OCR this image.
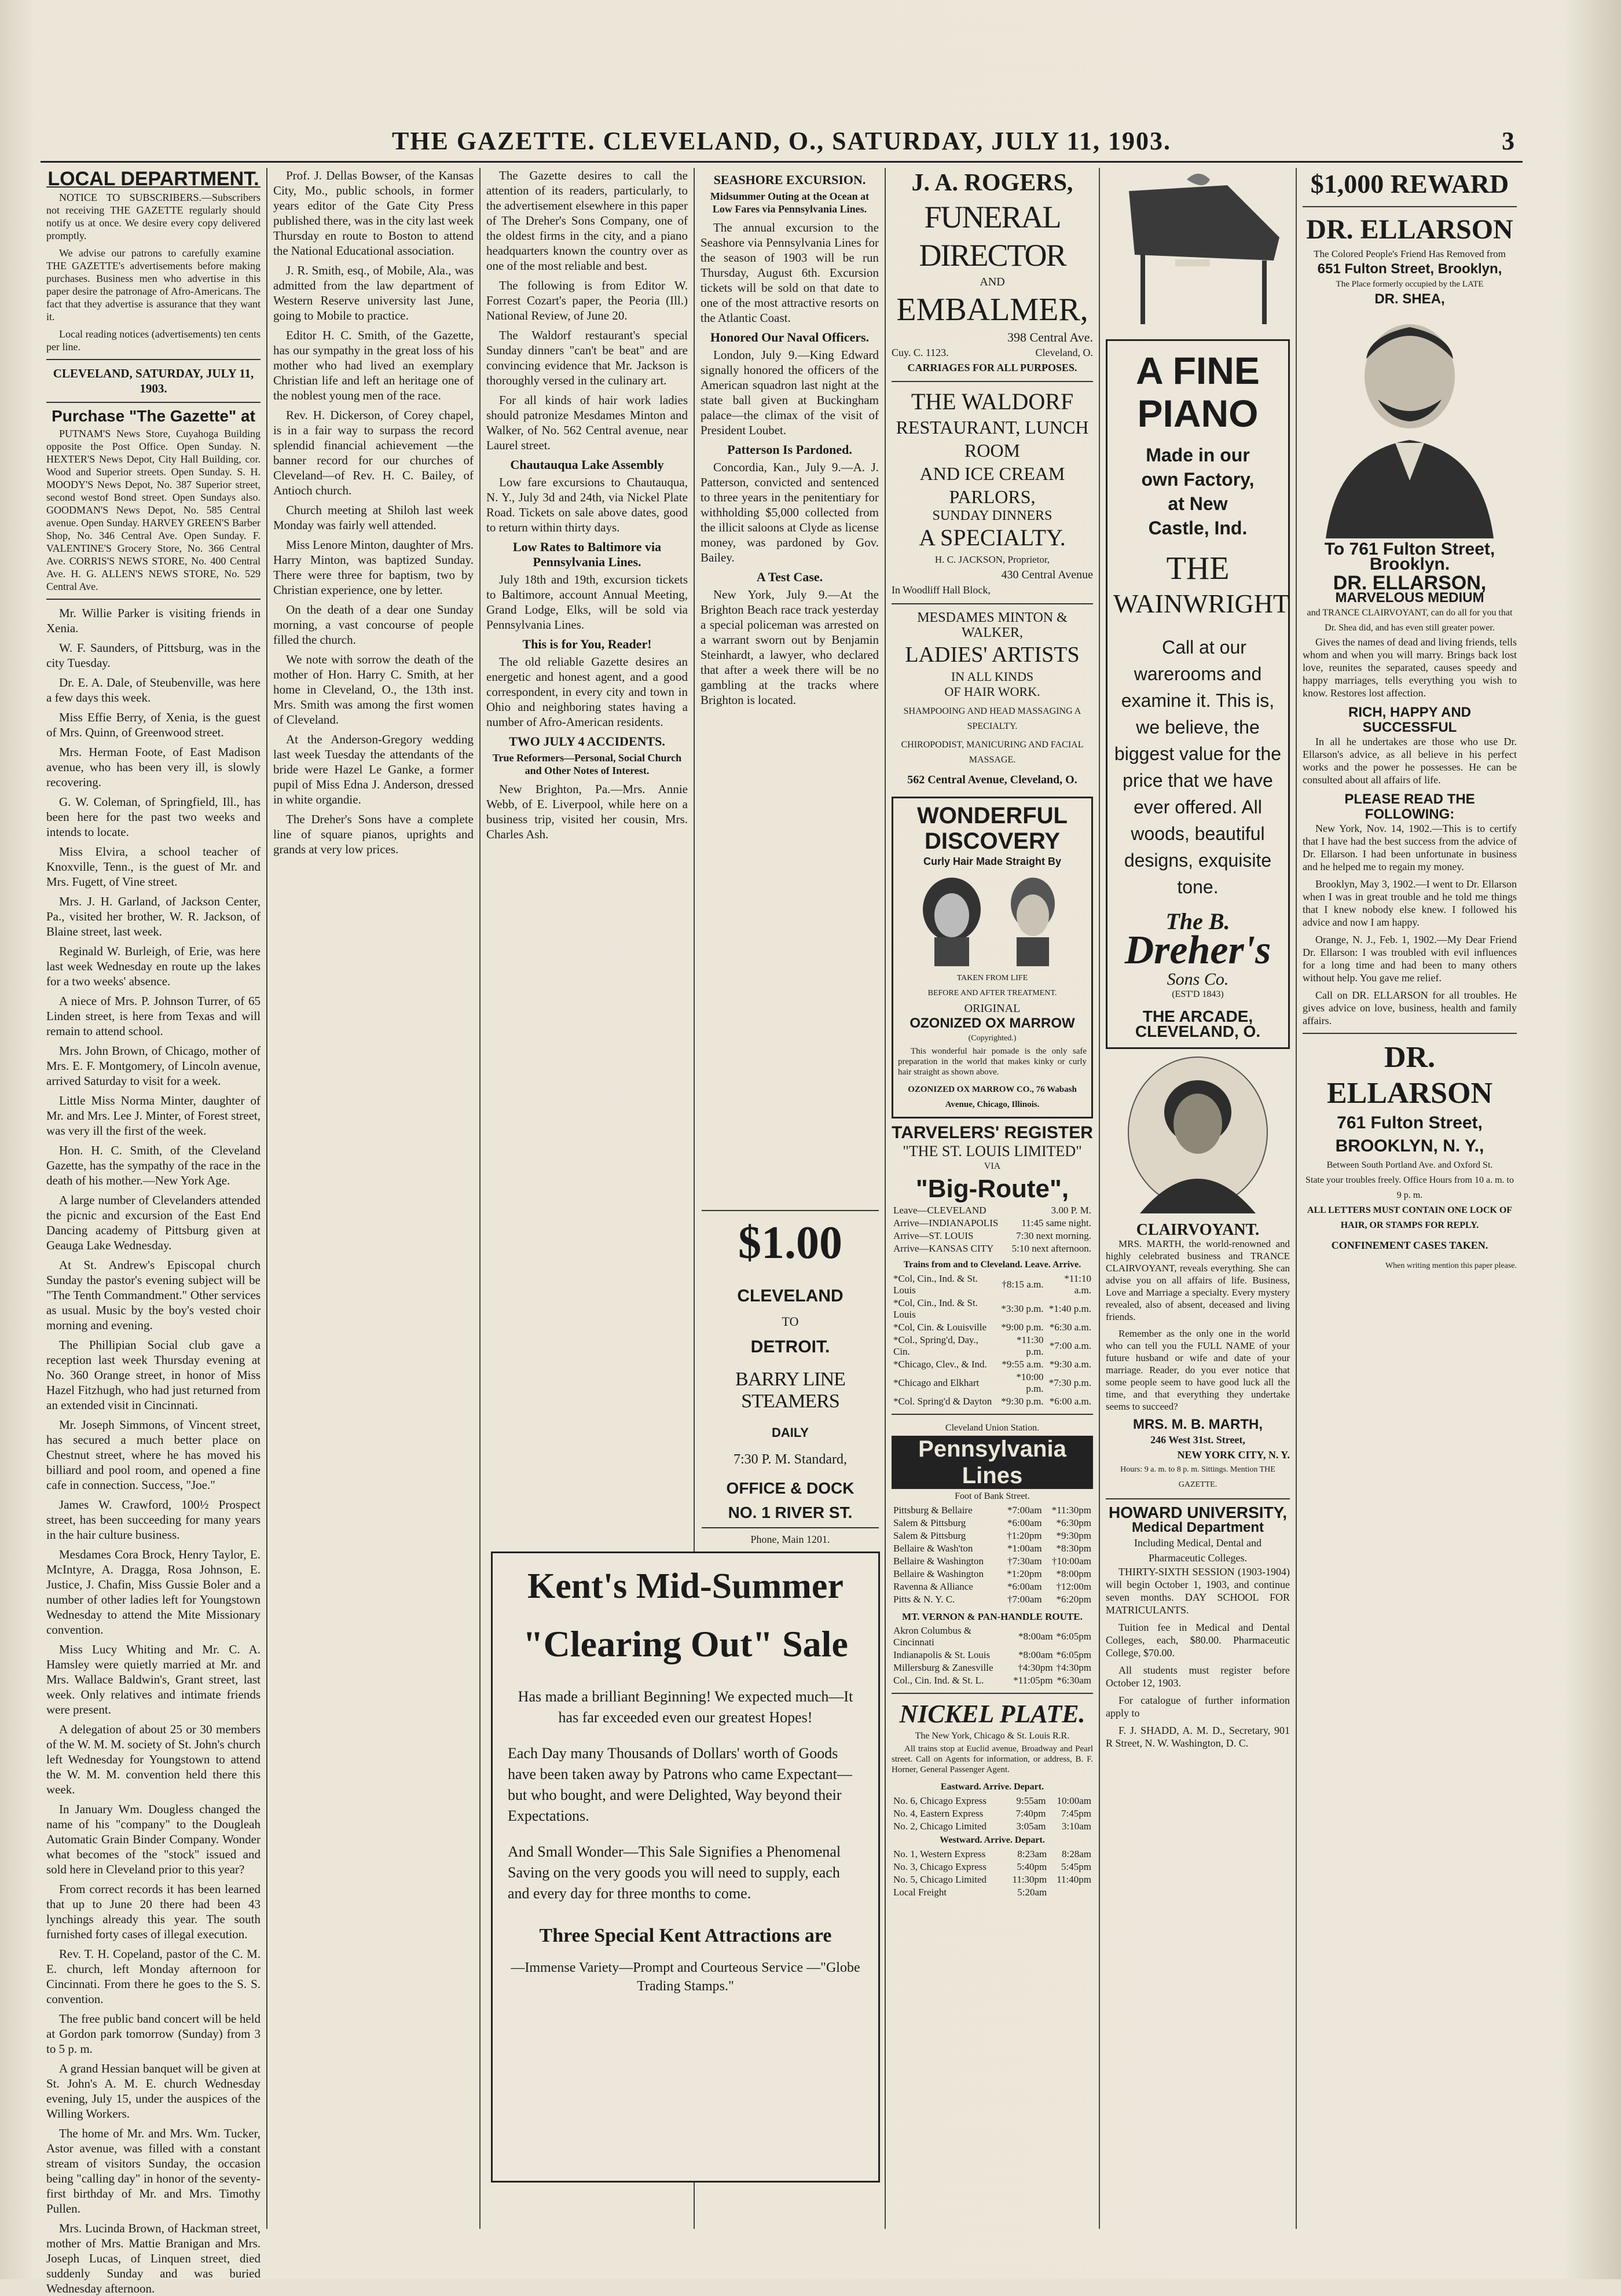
THE GAZETTE. CLEVELAND, O., SATURDAY, JULY 11, 1903.	3
LOCAL DEPARTMENT.

NOTICE TO SUBSCRIBERS.—Subscribers not receiving THE GAZETTE regularly should notify us at once. We desire every copy delivered promptly.

We advise our patrons to carefully examine THE GAZETTE's advertisements before making purchases. Business men who advertise in this paper desire the patronage of Afro-Americans. The fact that they advertise is assurance that they want it.

Local reading notices (advertisements) ten cents per line.

CLEVELAND, SATURDAY, JULY 11, 1903.

Purchase "The Gazette" at

PUTNAM'S News Store, Cuyahoga Building opposite the Post Office. Open Sunday. N. HEXTER'S News Depot, City Hall Building, cor. Wood and Superior streets. Open Sunday. S. H. MOODY'S News Depot, No. 387 Superior street, second westof Bond street. Open Sundays also. GOODMAN'S News Depot, No. 585 Central avenue. Open Sunday. HARVEY GREEN'S Barber Shop, No. 346 Central Ave. Open Sunday. F. VALENTINE'S Grocery Store, No. 366 Central Ave. CORRIS'S NEWS STORE, No. 400 Central Ave. H. G. ALLEN'S NEWS STORE, No. 529 Central Ave.

Mr. Willie Parker is visiting friends in Xenia.

W. F. Saunders, of Pittsburg, was in the city Tuesday.

Dr. E. A. Dale, of Steubenville, was here a few days this week.

Miss Effie Berry, of Xenia, is the guest of Mrs. Quinn, of Greenwood street.

Mrs. Herman Foote, of East Madison avenue, who has been very ill, is slowly recovering.

G. W. Coleman, of Springfield, Ill., has been here for the past two weeks and intends to locate.

Miss Elvira, a school teacher of Knoxville, Tenn., is the guest of Mr. and Mrs. Fugett, of Vine street.

Mrs. J. H. Garland, of Jackson Center, Pa., visited her brother, W. R. Jackson, of Blaine street, last week.

Reginald W. Burleigh, of Erie, was here last week Wednesday en route up the lakes for a two weeks' absence.

A niece of Mrs. P. Johnson Turrer, of 65 Linden street, is here from Texas and will remain to attend school.

Mrs. John Brown, of Chicago, mother of Mrs. E. F. Montgomery, of Lincoln avenue, arrived Saturday to visit for a week.

Little Miss Norma Minter, daughter of Mr. and Mrs. Lee J. Minter, of Forest street, was very ill the first of the week.

Hon. H. C. Smith, of the Cleveland Gazette, has the sympathy of the race in the death of his mother.—New York Age.

A large number of Clevelanders attended the picnic and excursion of the East End Dancing academy of Pittsburg given at Geauga Lake Wednesday.

At St. Andrew's Episcopal church Sunday the pastor's evening subject will be "The Tenth Commandment." Other services as usual. Music by the boy's vested choir morning and evening.

The Phillipian Social club gave a reception last week Thursday evening at No. 360 Orange street, in honor of Miss Hazel Fitzhugh, who had just returned from an extended visit in Cincinnati.

Mr. Joseph Simmons, of Vincent street, has secured a much better place on Chestnut street, where he has moved his billiard and pool room, and opened a fine cafe in connection. Success, "Joe."

James W. Crawford, 100½ Prospect street, has been succeeding for many years in the hair culture business.

Mesdames Cora Brock, Henry Taylor, E. McIntyre, A. Dragga, Rosa Johnson, E. Justice, J. Chafin, Miss Gussie Boler and a number of other ladies left for Youngstown Wednesday to attend the Mite Missionary convention.

Miss Lucy Whiting and Mr. C. A. Hamsley were quietly married at Mr. and Mrs. Wallace Baldwin's, Grant street, last week. Only relatives and intimate friends were present.

A delegation of about 25 or 30 members of the W. M. M. society of St. John's church left Wednesday for Youngstown to attend the W. M. M. convention held there this week.

In January Wm. Dougless changed the name of his "company" to the Dougleah Automatic Grain Binder Company. Wonder what becomes of the "stock" issued and sold here in Cleveland prior to this year?

From correct records it has been learned that up to June 20 there had been 43 lynchings already this year. The south furnished forty cases of illegal execution.

Rev. T. H. Copeland, pastor of the C. M. E. church, left Monday afternoon for Cincinnati. From there he goes to the S. S. convention.

The free public band concert will be held at Gordon park tomorrow (Sunday) from 3 to 5 p. m.

A grand Hessian banquet will be given at St. John's A. M. E. church Wednesday evening, July 15, under the auspices of the Willing Workers.

The home of Mr. and Mrs. Wm. Tucker, Astor avenue, was filled with a constant stream of visitors Sunday, the occasion being "calling day" in honor of the seventy-first birthday of Mr. and Mrs. Timothy Pullen.

Mrs. Lucinda Brown, of Hackman street, mother of Mrs. Mattie Branigan and Mrs. Joseph Lucas, of Linquen street, died suddenly Sunday and was buried Wednesday afternoon.

Prof. J. Dellas Bowser, of the Kansas City, Mo., public schools, in former years editor of the Gate City Press published there, was in the city last week Thursday en route to Boston to attend the National Educational association.

J. R. Smith, esq., of Mobile, Ala., was admitted from the law department of Western Reserve university last June, going to Mobile to practice.

Editor H. C. Smith, of the Gazette, has our sympathy in the great loss of his mother who had lived an exemplary Christian life and left an heritage one of the noblest young men of the race.

Rev. H. Dickerson, of Corey chapel, is in a fair way to surpass the record splendid financial achievement —the banner record for our churches of Cleveland—of Rev. H. C. Bailey, of Antioch church.

Church meeting at Shiloh last week Monday was fairly well attended.

Miss Lenore Minton, daughter of Mrs. Harry Minton, was baptized Sunday. There were three for baptism, two by Christian experience, one by letter.

On the death of a dear one Sunday morning, a vast concourse of people filled the church.

We note with sorrow the death of the mother of Hon. Harry C. Smith, at her home in Cleveland, O., the 13th inst. Mrs. Smith was among the first women of Cleveland.

At the Anderson-Gregory wedding last week Tuesday the attendants of the bride were Hazel Le Ganke, a former pupil of Miss Edna J. Anderson, dressed in white organdie.

The Dreher's Sons have a complete line of square pianos, uprights and grands at very low prices.

The Gazette desires to call the attention of its readers, particularly, to the advertisement elsewhere in this paper of The Dreher's Sons Company, one of the oldest firms in the city, and a piano headquarters known the country over as one of the most reliable and best.

The following is from Editor W. Forrest Cozart's paper, the Peoria (Ill.) National Review, of June 20.

The Waldorf restaurant's special Sunday dinners "can't be beat" and are convincing evidence that Mr. Jackson is thoroughly versed in the culinary art.

For all kinds of hair work ladies should patronize Mesdames Minton and Walker, of No. 562 Central avenue, near Laurel street.

Chautauqua Lake Assembly

Low fare excursions to Chautauqua, N. Y., July 3d and 24th, via Nickel Plate Road. Tickets on sale above dates, good to return within thirty days.

Low Rates to Baltimore via Pennsylvania Lines.

July 18th and 19th, excursion tickets to Baltimore, account Annual Meeting, Grand Lodge, Elks, will be sold via Pennsylvania Lines.

This is for You, Reader!

The old reliable Gazette desires an energetic and honest agent, and a good correspondent, in every city and town in Ohio and neighboring states having a number of Afro-American residents.

TWO JULY 4 ACCIDENTS.

True Reformers—Personal, Social Church and Other Notes of Interest.

New Brighton, Pa.—Mrs. Annie Webb, of E. Liverpool, while here on a business trip, visited her cousin, Mrs. Charles Ash.

SEASHORE EXCURSION.

Midsummer Outing at the Ocean at Low Fares via Pennsylvania Lines.

The annual excursion to the Seashore via Pennsylvania Lines for the season of 1903 will be run Thursday, August 6th. Excursion tickets will be sold on that date to one of the most attractive resorts on the Atlantic Coast.

Honored Our Naval Officers.

London, July 9.—King Edward signally honored the officers of the American squadron last night at the state ball given at Buckingham palace—the climax of the visit of President Loubet.

Patterson Is Pardoned.

Concordia, Kan., July 9.—A. J. Patterson, convicted and sentenced to three years in the penitentiary for withholding $5,000 collected from the illicit saloons at Clyde as license money, was pardoned by Gov. Bailey.

A Test Case.

New York, July 9.—At the Brighton Beach race track yesterday a special policeman was arrested on a warrant sworn out by Benjamin Steinhardt, a lawyer, who declared that after a week there will be no gambling at the tracks where Brighton is located.

$1.00
CLEVELAND
TO
DETROIT.
BARRY LINE STEAMERS
DAILY
7:30 P. M. Standard,
OFFICE & DOCK
NO. 1 RIVER ST.
Phone, Main 1201.
Kent's Mid-Summer
"Clearing Out" Sale

Has made a brilliant Beginning! We expected much—It has far exceeded even our greatest Hopes!

Each Day many Thousands of Dollars' worth of Goods have been taken away by Patrons who came Expectant—but who bought, and were Delighted, Way beyond their Expectations.

And Small Wonder—This Sale Signifies a Phenomenal Saving on the very goods you will need to supply, each and every day for three months to come.

Three Special Kent Attractions are

—Immense Variety—Prompt and Courteous Service —"Globe Trading Stamps."

J. A. ROGERS,
FUNERAL DIRECTOR
AND
EMBALMER,
398 Central Ave.
Cuy. C. 1123.	Cleveland, O.
CARRIAGES FOR ALL PURPOSES.
THE WALDORF
RESTAURANT, LUNCH ROOM
AND ICE CREAM PARLORS,
SUNDAY DINNERS
A SPECIALTY.
H. C. JACKSON, Proprietor,
430 Central Avenue
In Woodliff Hall Block,
MESDAMES MINTON & WALKER,
LADIES' ARTISTS
IN ALL KINDS
OF HAIR WORK.
SHAMPOOING AND HEAD MASSAGING A SPECIALTY.
CHIROPODIST, MANICURING AND FACIAL MASSAGE.
562 Central Avenue, Cleveland, O.
WONDERFUL
DISCOVERY
Curly Hair Made Straight By
TAKEN FROM LIFE
BEFORE AND AFTER TREATMENT.
ORIGINAL
OZONIZED OX MARROW
(Copyrighted.)

This wonderful hair pomade is the only safe preparation in the world that makes kinky or curly hair straight as shown above.

OZONIZED OX MARROW CO., 76 Wabash Avenue, Chicago, Illinois.
TARVELERS' REGISTER
"THE ST. LOUIS LIMITED"
VIA
"Big-Route",
Leave—CLEVELAND	3.00 P. M.
Arrive—INDIANAPOLIS	11:45 same night.
Arrive—ST. LOUIS	7:30 next morning.
Arrive—KANSAS CITY	5:10 next afternoon.
Trains from and to Cleveland. Leave. Arrive.
*Col, Cin., Ind. & St. Louis	†8:15 a.m.	*11:10 a.m.
*Col, Cin., Ind. & St. Louis	*3:30 p.m.	*1:40 p.m.
*Col, Cin. & Louisville	*9:00 p.m.	*6:30 a.m.
*Col., Spring'd, Day., Cin.	*11:30 p.m.	*7:00 a.m.
*Chicago, Clev., & Ind.	*9:55 a.m.	*9:30 a.m.
*Chicago and Elkhart	*10:00 p.m.	*7:30 p.m.
*Col. Spring'd & Dayton	*9:30 p.m.	*6:00 a.m.
Cleveland Union Station.
Pennsylvania Lines
Foot of Bank Street.
Pittsburg & Bellaire	*7:00am	*11:30pm
Salem & Pittsburg	*6:00am	*6:30pm
Salem & Pittsburg	†1:20pm	*9:30pm
Bellaire & Wash'ton	*1:00am	*8:30pm
Bellaire & Washington	†7:30am	†10:00am
Bellaire & Washington	*1:20pm	*8:00pm
Ravenna & Alliance	*6:00am	†12:00m
Pitts & N. Y. C.	†7:00am	*6:20pm
MT. VERNON & PAN-HANDLE ROUTE.
Akron Columbus & Cincinnati	*8:00am	*6:05pm
Indianapolis & St. Louis	*8:00am	*6:05pm
Millersburg & Zanesville	†4:30pm	†4:30pm
Col., Cin. Ind. & St. L.	*11:05pm	*6:30am
NICKEL PLATE.
The New York, Chicago & St. Louis R.R.

All trains stop at Euclid avenue, Broadway and Pearl street. Call on Agents for information, or address, B. F. Horner, General Passenger Agent.

Eastward. Arrive. Depart.
No. 6, Chicago Express	9:55am	10:00am
No. 4, Eastern Express	7:40pm	7:45pm
No. 2, Chicago Limited	3:05am	3:10am
Westward. Arrive. Depart.
No. 1, Western Express	8:23am	8:28am
No. 3, Chicago Express	5:40pm	5:45pm
No. 5, Chicago Limited	11:30pm	11:40pm
Local Freight	5:20am	
A FINE
PIANO
Made in our
own Factory,
at New
Castle, Ind.
THE
WAINWRIGHT

Call at our warerooms and examine it. This is, we believe, the biggest value for the price that we have ever offered. All woods, beautiful designs, exquisite tone.

The B.
Dreher's
Sons Co.
(EST'D 1843)
THE ARCADE,
CLEVELAND, O.
CLAIRVOYANT.

MRS. MARTH, the world-renowned and highly celebrated business and TRANCE CLAIRVOYANT, reveals everything. She can advise you on all affairs of life. Business, Love and Marriage a specialty. Every mystery revealed, also of absent, deceased and living friends.

Remember as the only one in the world who can tell you the FULL NAME of your future husband or wife and date of your marriage. Reader, do you ever notice that some people seem to have good luck all the time, and that everything they undertake seems to succeed?

MRS. M. B. MARTH,
246 West 31st. Street,
NEW YORK CITY, N. Y.
Hours: 9 a. m. to 8 p. m. Sittings. Mention THE GAZETTE.
HOWARD UNIVERSITY,
Medical Department
Including Medical, Dental and Pharmaceutic Colleges.

THIRTY-SIXTH SESSION (1903-1904) will begin October 1, 1903, and continue seven months. DAY SCHOOL FOR MATRICULANTS.

Tuition fee in Medical and Dental Colleges, each, $80.00. Pharmaceutic College, $70.00.

All students must register before October 12, 1903.

For catalogue of further information apply to

F. J. SHADD, A. M. D., Secretary, 901 R Street, N. W. Washington, D. C.

$1,000 REWARD
DR. ELLARSON
The Colored People's Friend Has Removed from
651 Fulton Street, Brooklyn,
The Place formerly occupied by the LATE
DR. SHEA,
To 761 Fulton Street, Brooklyn.
DR. ELLARSON,
MARVELOUS MEDIUM
and TRANCE CLAIRVOYANT, can do all for you that Dr. Shea did, and has even still greater power.

Gives the names of dead and living friends, tells whom and when you will marry. Brings back lost love, reunites the separated, causes speedy and happy marriages, tells everything you wish to know. Restores lost affection.

RICH, HAPPY AND SUCCESSFUL

In all he undertakes are those who use Dr. Ellarson's advice, as all believe in his perfect works and the power he possesses. He can be consulted about all affairs of life.

PLEASE READ THE FOLLOWING:

New York, Nov. 14, 1902.—This is to certify that I have had the best success from the advice of Dr. Ellarson. I had been unfortunate in business and he helped me to regain my money.

Brooklyn, May 3, 1902.—I went to Dr. Ellarson when I was in great trouble and he told me things that I knew nobody else knew. I followed his advice and now I am happy.

Orange, N. J., Feb. 1, 1902.—My Dear Friend Dr. Ellarson: I was troubled with evil influences for a long time and had been to many others without help. You gave me relief.

Call on DR. ELLARSON for all troubles. He gives advice on love, business, health and family affairs.

DR. ELLARSON
761 Fulton Street,
BROOKLYN, N. Y.,
Between South Portland Ave. and Oxford St.
State your troubles freely. Office Hours from 10 a. m. to 9 p. m.
ALL LETTERS MUST CONTAIN ONE LOCK OF HAIR, OR STAMPS FOR REPLY.
CONFINEMENT CASES TAKEN.
When writing mention this paper please.
